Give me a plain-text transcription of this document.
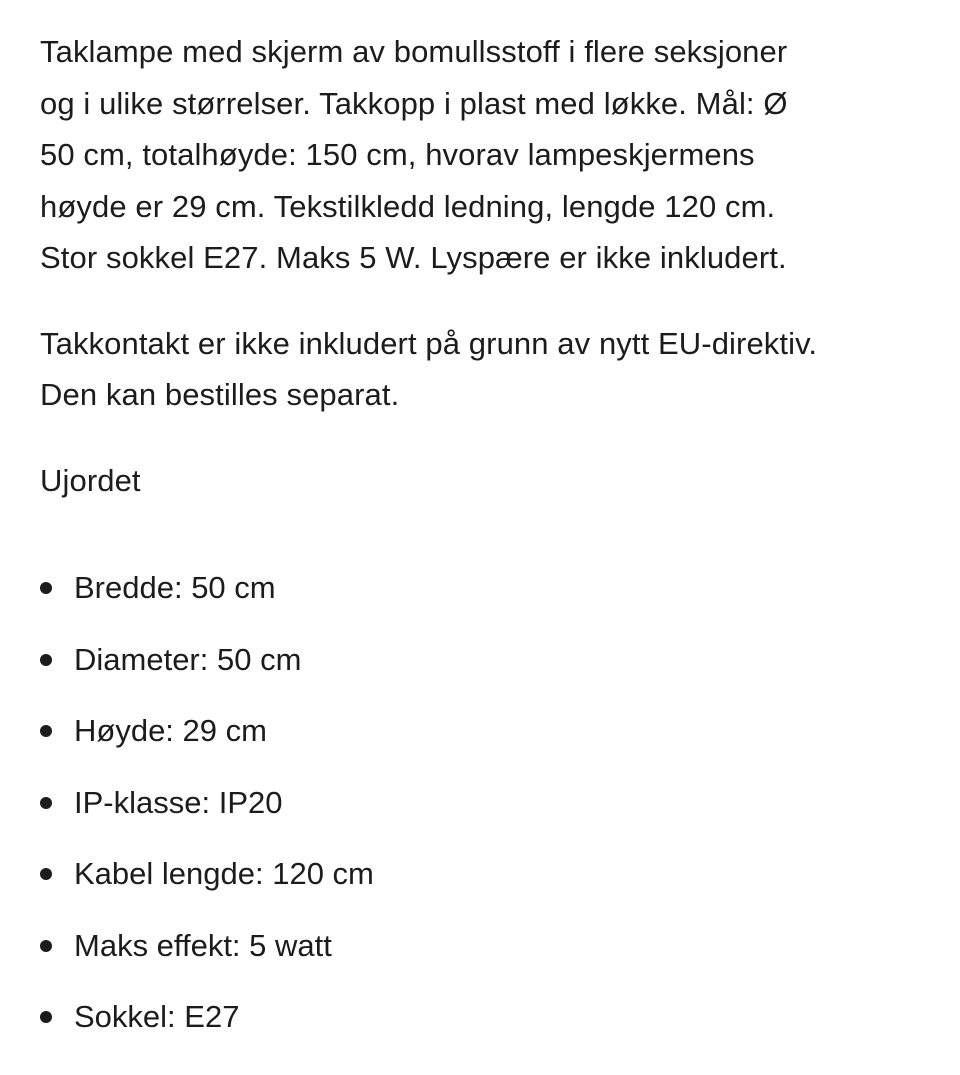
Taklampe med skjerm av bomullsstoff i flere seksjoner
og i ulike størrelser. Takkopp i plast med løkke. Mål: Ø
50 cm, totalhøyde: 150 cm, hvorav lampeskjermens
høyde er 29 cm. Tekstilkledd ledning, lengde 120 cm.
Stor sokkel E27. Maks 5 W. Lyspære er ikke inkludert.

Takkontakt er ikke inkludert på grunn av nytt EU-direktiv.
Den kan bestilles separat.

Ujordet

Bredde: 50 cm
Diameter: 50 cm
Høyde: 29 cm
IP-klasse: IP20
Kabel lengde: 120 cm
Maks effekt: 5 watt
Sokkel: E27
